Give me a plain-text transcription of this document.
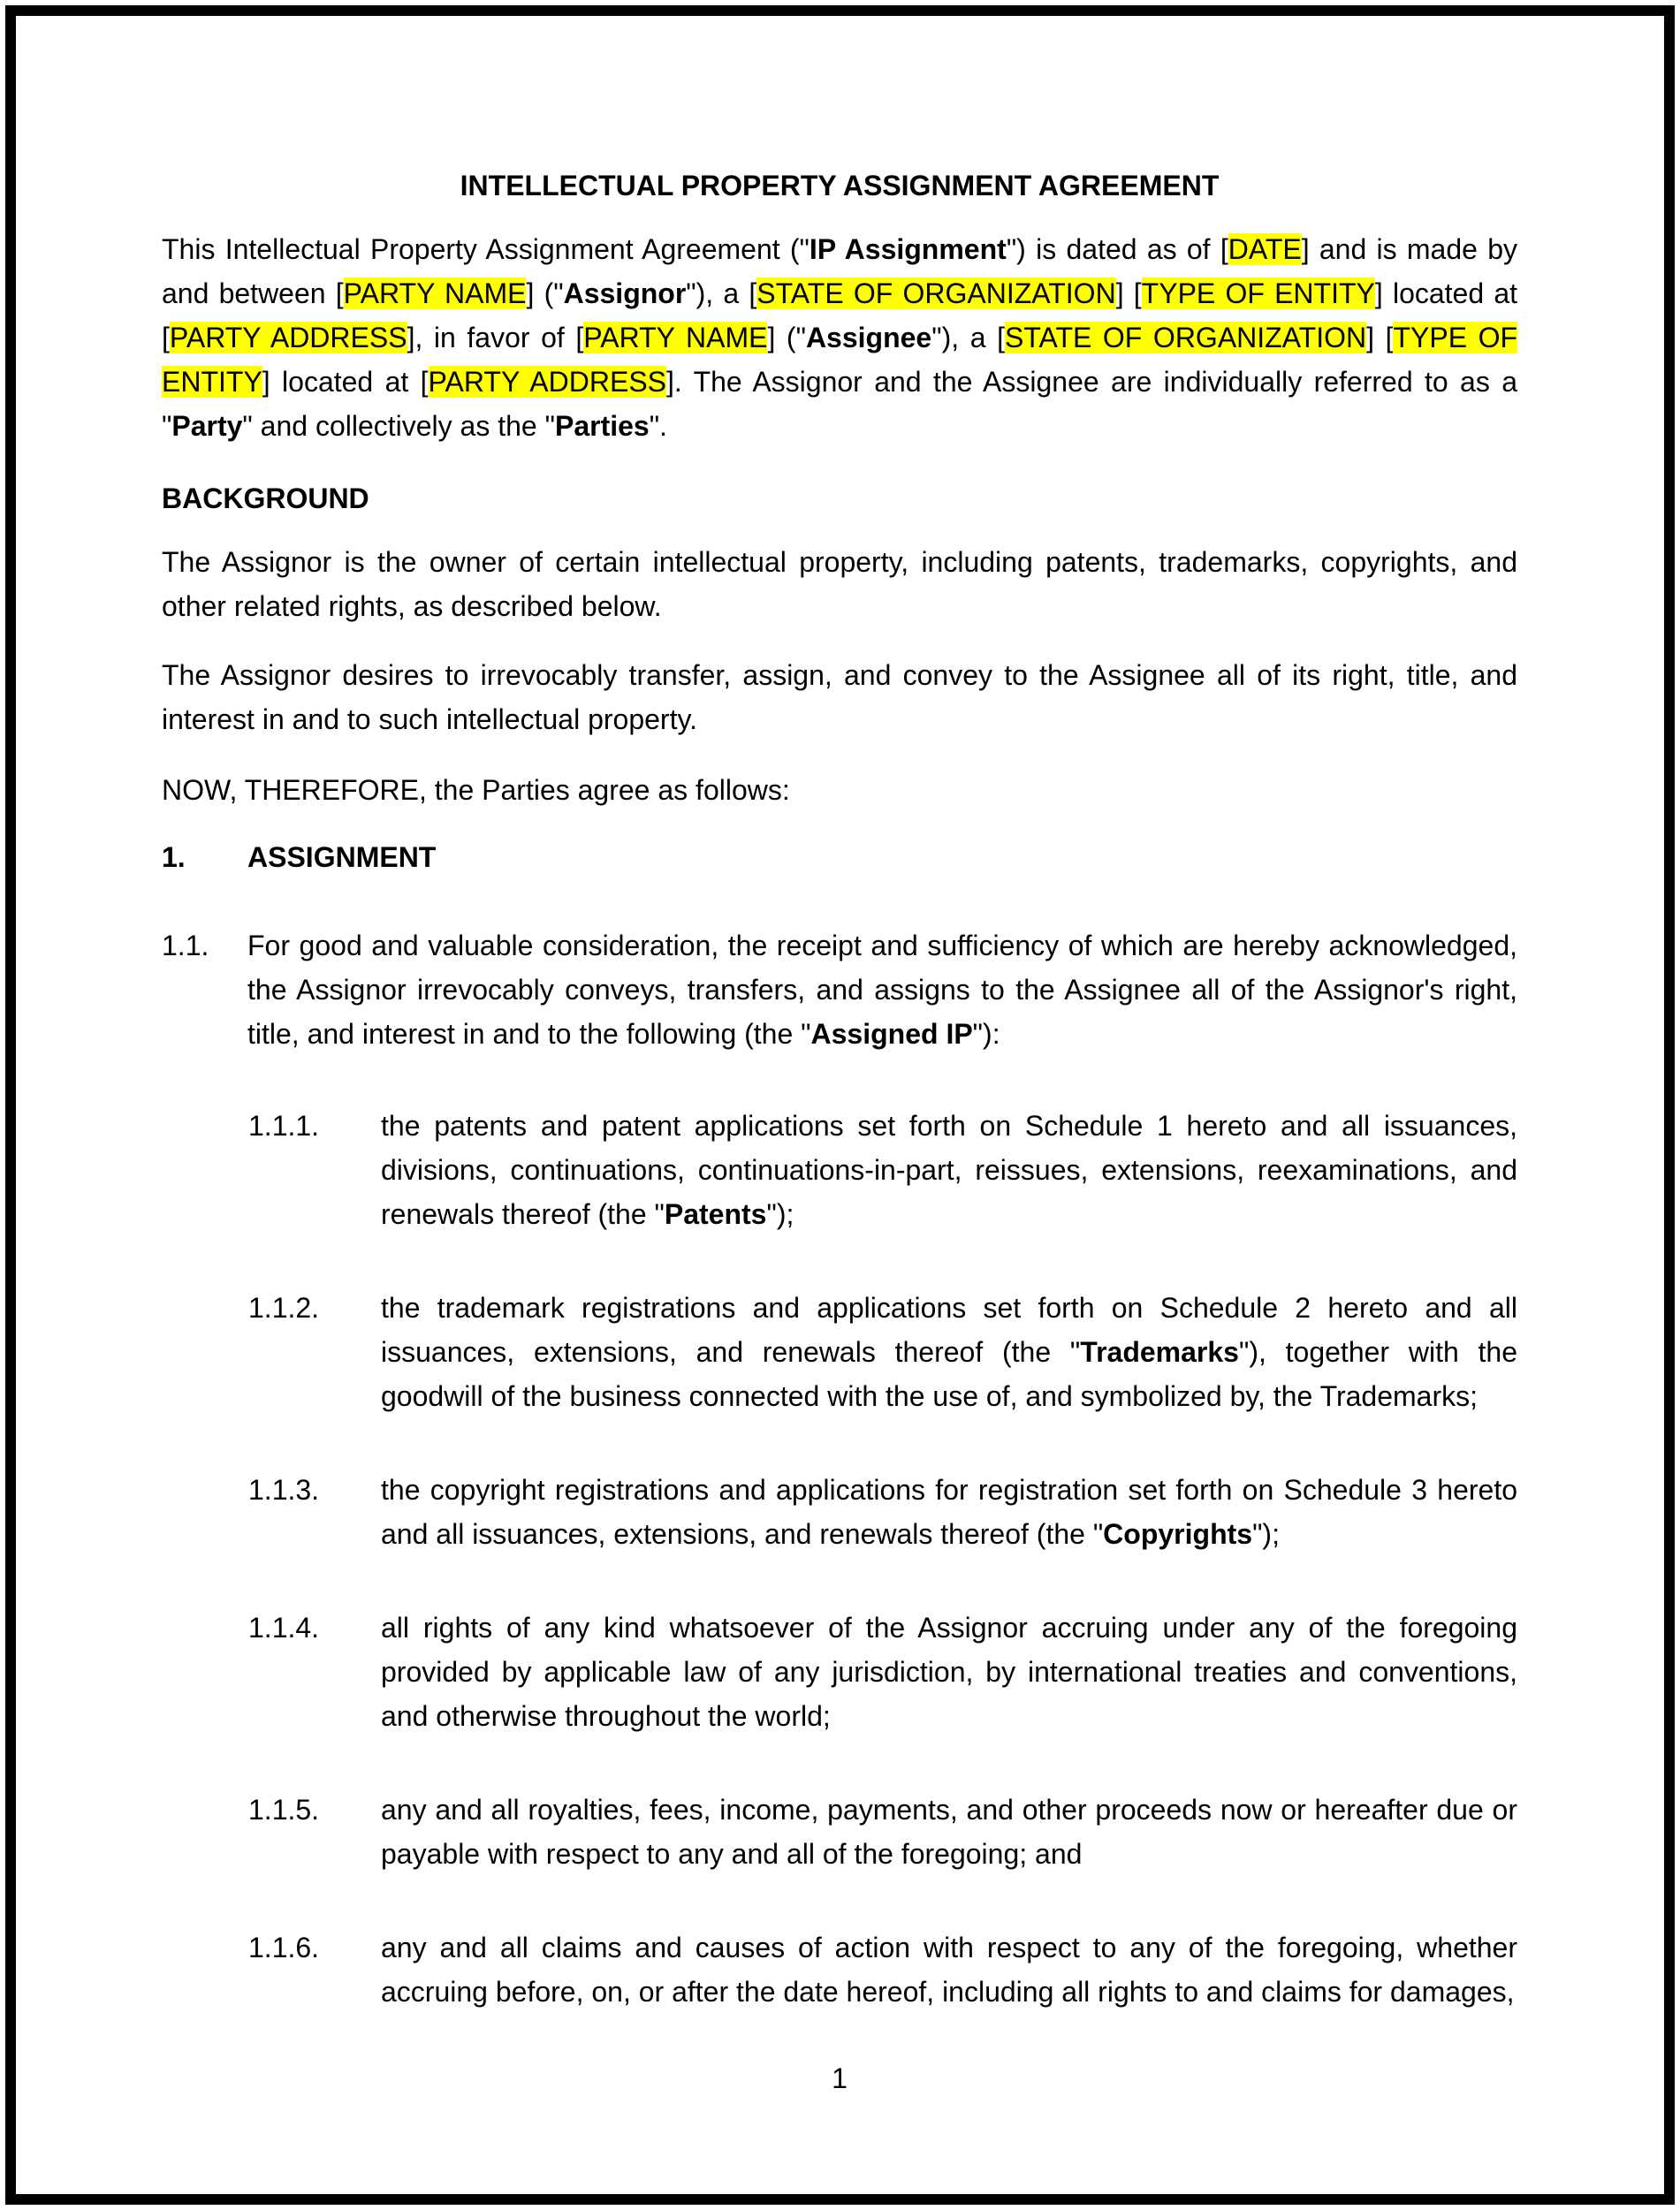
INTELLECTUAL PROPERTY ASSIGNMENT AGREEMENT
This Intellectual Property Assignment Agreement ("IP Assignment") is dated as of [DATE] and is made by and between [PARTY NAME] ("Assignor"), a [STATE OF ORGANIZATION] [TYPE OF ENTITY] located at [PARTY ADDRESS], in favor of [PARTY NAME] ("Assignee"), a [STATE OF ORGANIZATION] [TYPE OF ENTITY] located at [PARTY ADDRESS]. The Assignor and the Assignee are individually referred to as a "Party" and collectively as the "Parties".
BACKGROUND
The Assignor is the owner of certain intellectual property, including patents, trademarks, copyrights, and other related rights, as described below.
The Assignor desires to irrevocably transfer, assign, and convey to the Assignee all of its right, title, and interest in and to such intellectual property.
NOW, THEREFORE, the Parties agree as follows:
1.	ASSIGNMENT
1.1.	For good and valuable consideration, the receipt and sufficiency of which are hereby acknowledged, the Assignor irrevocably conveys, transfers, and assigns to the Assignee all of the Assignor's right, title, and interest in and to the following (the "Assigned IP"):
1.1.1.	the patents and patent applications set forth on Schedule 1 hereto and all issuances, divisions, continuations, continuations-in-part, reissues, extensions, reexaminations, and renewals thereof (the "Patents");
1.1.2.	the trademark registrations and applications set forth on Schedule 2 hereto and all issuances, extensions, and renewals thereof (the "Trademarks"), together with the goodwill of the business connected with the use of, and symbolized by, the Trademarks;
1.1.3.	the copyright registrations and applications for registration set forth on Schedule 3 hereto and all issuances, extensions, and renewals thereof (the "Copyrights");
1.1.4.	all rights of any kind whatsoever of the Assignor accruing under any of the foregoing provided by applicable law of any jurisdiction, by international treaties and conventions, and otherwise throughout the world;
1.1.5.	any and all royalties, fees, income, payments, and other proceeds now or hereafter due or payable with respect to any and all of the foregoing; and
1.1.6.	any and all claims and causes of action with respect to any of the foregoing, whether accruing before, on, or after the date hereof, including all rights to and claims for damages,
1
